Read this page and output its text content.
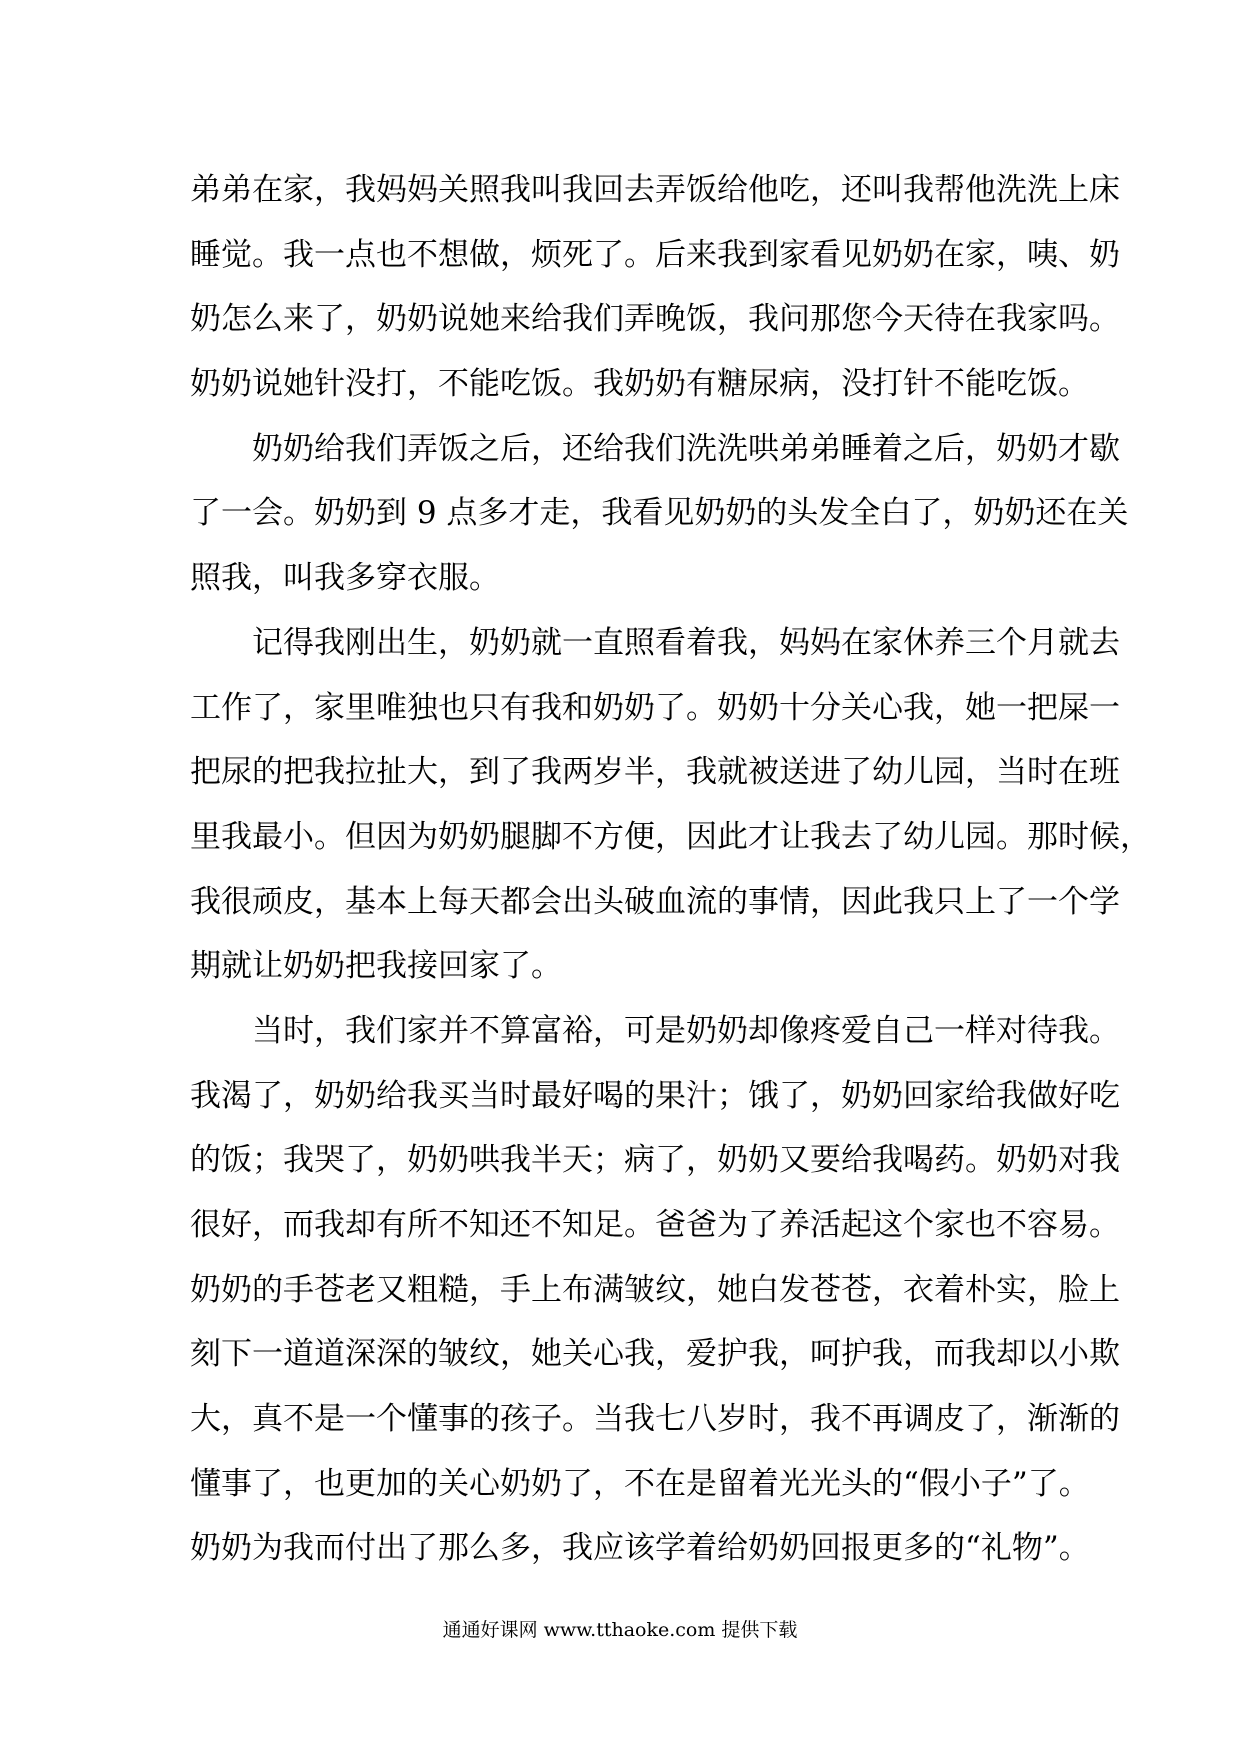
弟弟在家，我妈妈关照我叫我回去弄饭给他吃，还叫我帮他洗洗上床
睡觉。我一点也不想做，烦死了。后来我到家看见奶奶在家，咦、奶
奶怎么来了，奶奶说她来给我们弄晚饭，我问那您今天待在我家吗。
奶奶说她针没打，不能吃饭。我奶奶有糖尿病，没打针不能吃饭。
奶奶给我们弄饭之后，还给我们洗洗哄弟弟睡着之后，奶奶才歇
了一会。奶奶到 9 点多才走，我看见奶奶的头发全白了，奶奶还在关
照我，叫我多穿衣服。
记得我刚出生，奶奶就一直照看着我，妈妈在家休养三个月就去
工作了，家里唯独也只有我和奶奶了。奶奶十分关心我，她一把屎一
把尿的把我拉扯大，到了我两岁半，我就被送进了幼儿园，当时在班
里我最小。但因为奶奶腿脚不方便，因此才让我去了幼儿园。那时候，
我很顽皮，基本上每天都会出头破血流的事情，因此我只上了一个学
期就让奶奶把我接回家了。
当时，我们家并不算富裕，可是奶奶却像疼爱自己一样对待我。
我渴了，奶奶给我买当时最好喝的果汁；饿了，奶奶回家给我做好吃
的饭；我哭了，奶奶哄我半天；病了，奶奶又要给我喝药。奶奶对我
很好，而我却有所不知还不知足。爸爸为了养活起这个家也不容易。
奶奶的手苍老又粗糙，手上布满皱纹，她白发苍苍，衣着朴实，脸上
刻下一道道深深的皱纹，她关心我，爱护我，呵护我，而我却以小欺
大，真不是一个懂事的孩子。当我七八岁时，我不再调皮了，渐渐的
懂事了，也更加的关心奶奶了，不在是留着光光头的“假小子”了。
奶奶为我而付出了那么多，我应该学着给奶奶回报更多的“礼物”。
通通好课网 www.tthaoke.com 提供下载
